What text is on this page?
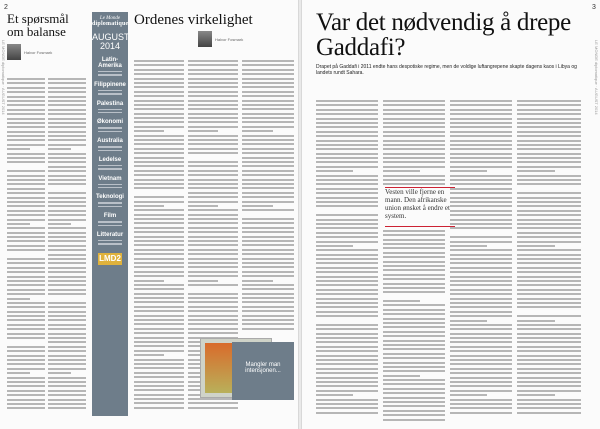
2
LE MONDE diplomatique · AUGUST 2014
Et spørsmål om balanse
Halvor Fosmark
Le Monde
diplomatique
AUGUST 2014
Latin-Amerika
Filippinene
Palestina
Økonomi
Australia
Ledelse
Vietnam
Teknologi
Film
Litteratur
LMD2
Ordenes virkelighet
Halvor Fosmark
Mangler man intensjonen...
3
LE MONDE diplomatique · AUGUST 2014
Var det nødvendig å drepe Gaddafi?
Drapet på Gaddafi i 2011 endte hans despotiske regime, men de voldige luftangrepene skapte dagens kaos i Libya og landets rundt Sahara.
Vesten ville fjerne en mann. Den afrikanske union ønsket å endre et system.
